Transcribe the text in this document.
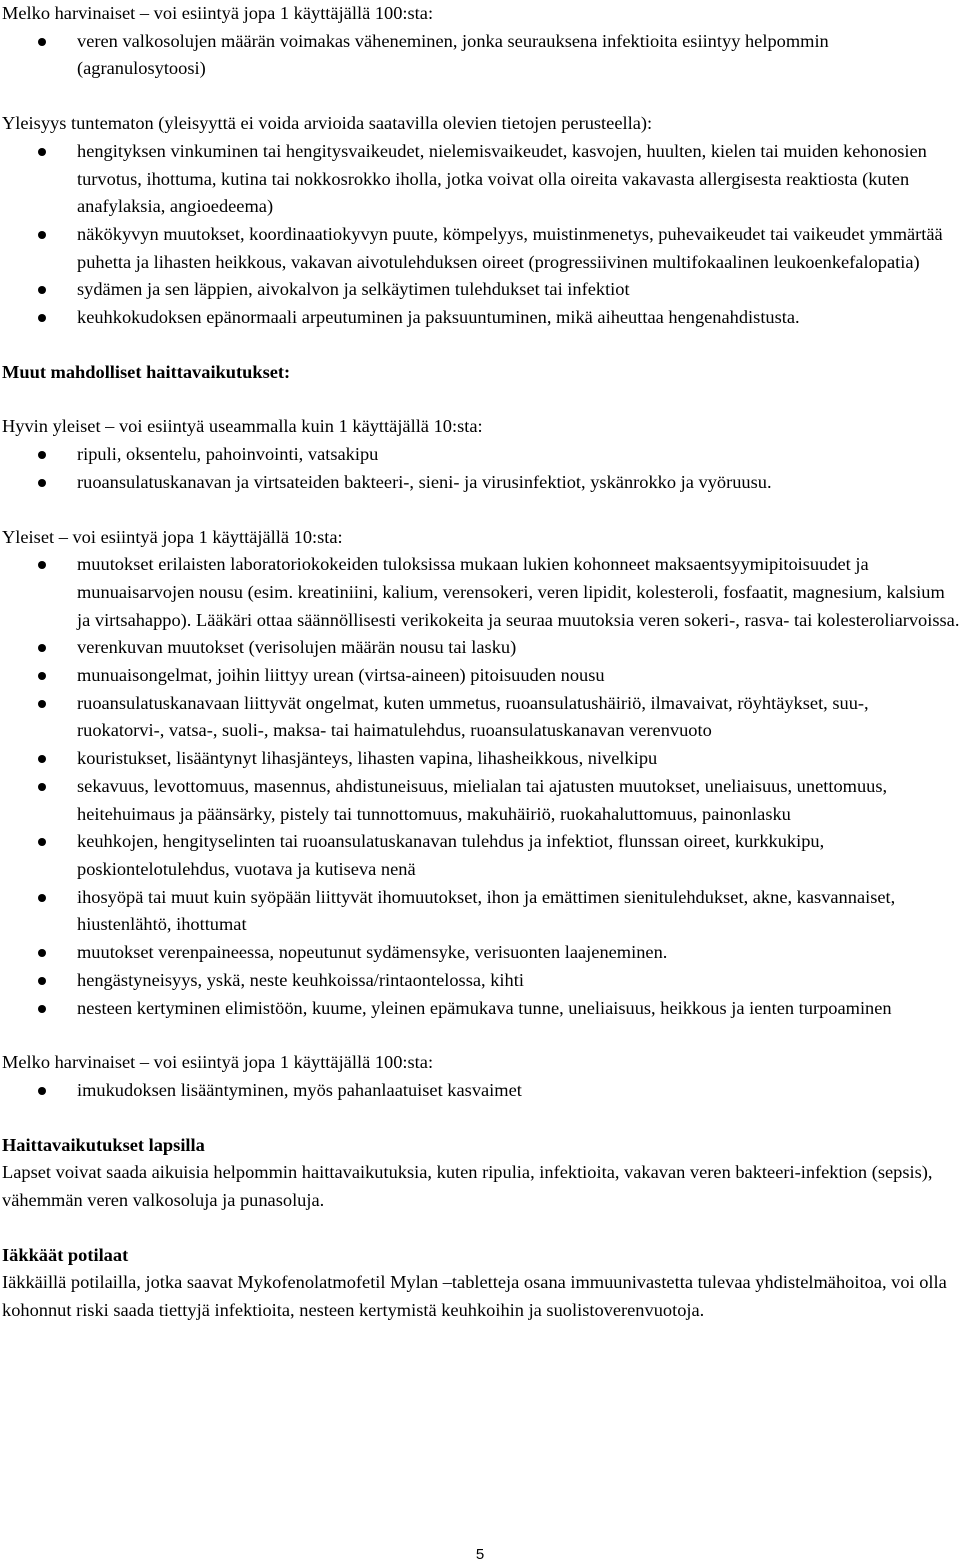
Melko harvinaiset – voi esiintyä jopa 1 käyttäjällä 100:sta:

veren valkosolujen määrän voimakas väheneminen, jonka seurauksena infektioita esiintyy helpommin (agranulosytoosi)

Yleisyys tuntematon (yleisyyttä ei voida arvioida saatavilla olevien tietojen perusteella):

hengityksen vinkuminen tai hengitysvaikeudet, nielemisvaikeudet, kasvojen, huulten, kielen tai muiden kehonosien turvotus, ihottuma, kutina tai nokkosrokko iholla, jotka voivat olla oireita vakavasta allergisesta reaktiosta (kuten anafylaksia, angioedeema)
näkökyvyn muutokset, koordinaatiokyvyn puute, kömpelyys, muistinmenetys, puhevaikeudet tai vaikeudet ymmärtää puhetta ja lihasten heikkous, vakavan aivotulehduksen oireet (progressiivinen multifokaalinen leukoenkefalopatia)
sydämen ja sen läppien, aivokalvon ja selkäytimen tulehdukset tai infektiot
keuhkokudoksen epänormaali arpeutuminen ja paksuuntuminen, mikä aiheuttaa hengenahdistusta.

Muut mahdolliset haittavaikutukset:

Hyvin yleiset – voi esiintyä useammalla kuin 1 käyttäjällä 10:sta:

ripuli, oksentelu, pahoinvointi, vatsakipu
ruoansulatuskanavan ja virtsateiden bakteeri-, sieni- ja virusinfektiot, yskänrokko ja vyöruusu.

Yleiset – voi esiintyä jopa 1 käyttäjällä 10:sta:

muutokset erilaisten laboratoriokokeiden tuloksissa mukaan lukien kohonneet maksaentsyymipitoisuudet ja munuaisarvojen nousu (esim. kreatiniini, kalium, verensokeri, veren lipidit, kolesteroli, fosfaatit, magnesium, kalsium ja virtsahappo). Lääkäri ottaa säännöllisesti verikokeita ja seuraa muutoksia veren sokeri-, rasva- tai kolesteroliarvoissa.
verenkuvan muutokset (verisolujen määrän nousu tai lasku)
munuaisongelmat, joihin liittyy urean (virtsa-aineen) pitoisuuden nousu
ruoansulatuskanavaan liittyvät ongelmat, kuten ummetus, ruoansulatushäiriö, ilmavaivat, röyhtäykset, suu-, ruokatorvi-, vatsa-, suoli-, maksa- tai haimatulehdus, ruoansulatuskanavan verenvuoto
kouristukset, lisääntynyt lihasjänteys, lihasten vapina, lihasheikkous, nivelkipu
sekavuus, levottomuus, masennus, ahdistuneisuus, mielialan tai ajatusten muutokset, uneliaisuus, unettomuus, heitehuimaus ja päänsärky, pistely tai tunnottomuus, makuhäiriö, ruokahaluttomuus, painonlasku
keuhkojen, hengityselinten tai ruoansulatuskanavan tulehdus ja infektiot, flunssan oireet, kurkkukipu, poskiontelotulehdus, vuotava ja kutiseva nenä
ihosyöpä tai muut kuin syöpään liittyvät ihomuutokset, ihon ja emättimen sienitulehdukset, akne, kasvannaiset, hiustenlähtö, ihottumat
muutokset verenpaineessa, nopeutunut sydämensyke, verisuonten laajeneminen.
hengästyneisyys, yskä, neste keuhkoissa/rintaontelossa, kihti
nesteen kertyminen elimistöön, kuume, yleinen epämukava tunne, uneliaisuus, heikkous ja ienten turpoaminen

Melko harvinaiset – voi esiintyä jopa 1 käyttäjällä 100:sta:

imukudoksen lisääntyminen, myös pahanlaatuiset kasvaimet

Haittavaikutukset lapsilla

Lapset voivat saada aikuisia helpommin haittavaikutuksia, kuten ripulia, infektioita, vakavan veren bakteeri-infektion (sepsis), vähemmän veren valkosoluja ja punasoluja.

Iäkkäät potilaat

Iäkkäillä potilailla, jotka saavat Mykofenolatmofetil Mylan –tabletteja osana immuunivastetta tulevaa yhdistelmähoitoa, voi olla kohonnut riski saada tiettyjä infektioita, nesteen kertymistä keuhkoihin ja suolistoverenvuotoja.

5
